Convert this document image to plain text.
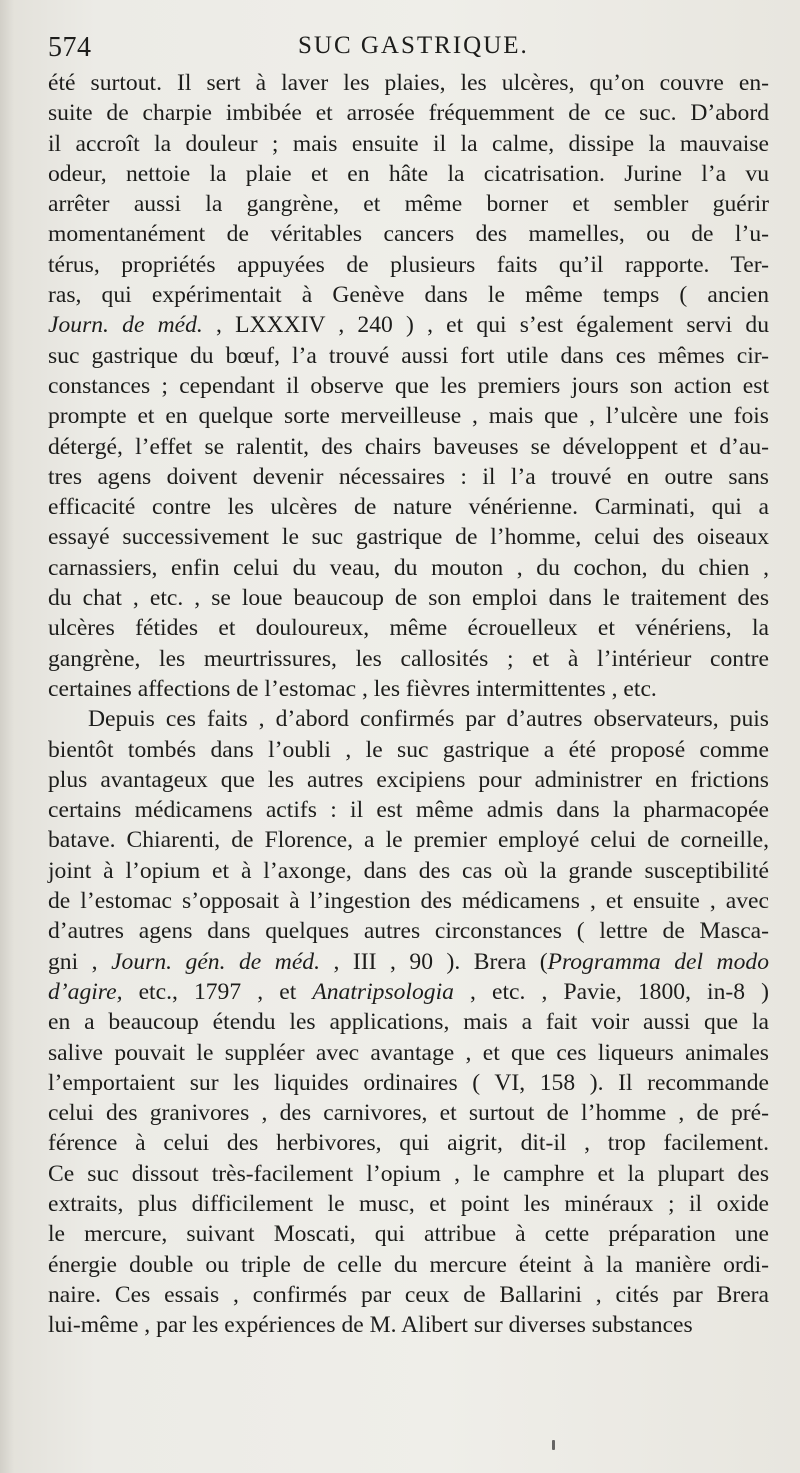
574	SUC GASTRIQUE.
été surtout. Il sert à laver les plaies, les ulcères, qu’on couvre en-
suite de charpie imbibée et arrosée fréquemment de ce suc. D’abord
il accroît la douleur ; mais ensuite il la calme, dissipe la mauvaise
odeur, nettoie la plaie et en hâte la cicatrisation. Jurine l’a vu
arrêter aussi la gangrène, et même borner et sembler guérir
momentanément de véritables cancers des mamelles, ou de l’u-
térus, propriétés appuyées de plusieurs faits qu’il rapporte. Ter-
ras, qui expérimentait à Genève dans le même temps ( ancien
Journ. de méd. , LXXXIV , 240 ) , et qui s’est également servi du
suc gastrique du bœuf, l’a trouvé aussi fort utile dans ces mêmes cir-
constances ; cependant il observe que les premiers jours son action est
prompte et en quelque sorte merveilleuse , mais que , l’ulcère une fois
détergé, l’effet se ralentit, des chairs baveuses se développent et d’au-
tres agens doivent devenir nécessaires : il l’a trouvé en outre sans
efficacité contre les ulcères de nature vénérienne. Carminati, qui a
essayé successivement le suc gastrique de l’homme, celui des oiseaux
carnassiers, enfin celui du veau, du mouton , du cochon, du chien ,
du chat , etc. , se loue beaucoup de son emploi dans le traitement des
ulcères fétides et douloureux, même écrouelleux et vénériens, la
gangrène, les meurtrissures, les callosités ; et à l’intérieur contre
certaines affections de l’estomac , les fièvres intermittentes , etc.
Depuis ces faits , d’abord confirmés par d’autres observateurs, puis
bientôt tombés dans l’oubli , le suc gastrique a été proposé comme
plus avantageux que les autres excipiens pour administrer en frictions
certains médicamens actifs : il est même admis dans la pharmacopée
batave. Chiarenti, de Florence, a le premier employé celui de corneille,
joint à l’opium et à l’axonge, dans des cas où la grande susceptibilité
de l’estomac s’opposait à l’ingestion des médicamens , et ensuite , avec
d’autres agens dans quelques autres circonstances ( lettre de Masca-
gni , Journ. gén. de méd. , III , 90 ). Brera (Programma del modo
d’agire, etc., 1797 , et Anatripsologia , etc. , Pavie, 1800, in-8 )
en a beaucoup étendu les applications, mais a fait voir aussi que la
salive pouvait le suppléer avec avantage , et que ces liqueurs animales
l’emportaient sur les liquides ordinaires ( VI, 158 ). Il recommande
celui des granivores , des carnivores, et surtout de l’homme , de pré-
férence à celui des herbivores, qui aigrit, dit-il , trop facilement.
Ce suc dissout très-facilement l’opium , le camphre et la plupart des
extraits, plus difficilement le musc, et point les minéraux ; il oxide
le mercure, suivant Moscati, qui attribue à cette préparation une
énergie double ou triple de celle du mercure éteint à la manière ordi-
naire. Ces essais , confirmés par ceux de Ballarini , cités par Brera
lui-même , par les expériences de M. Alibert sur diverses substances
